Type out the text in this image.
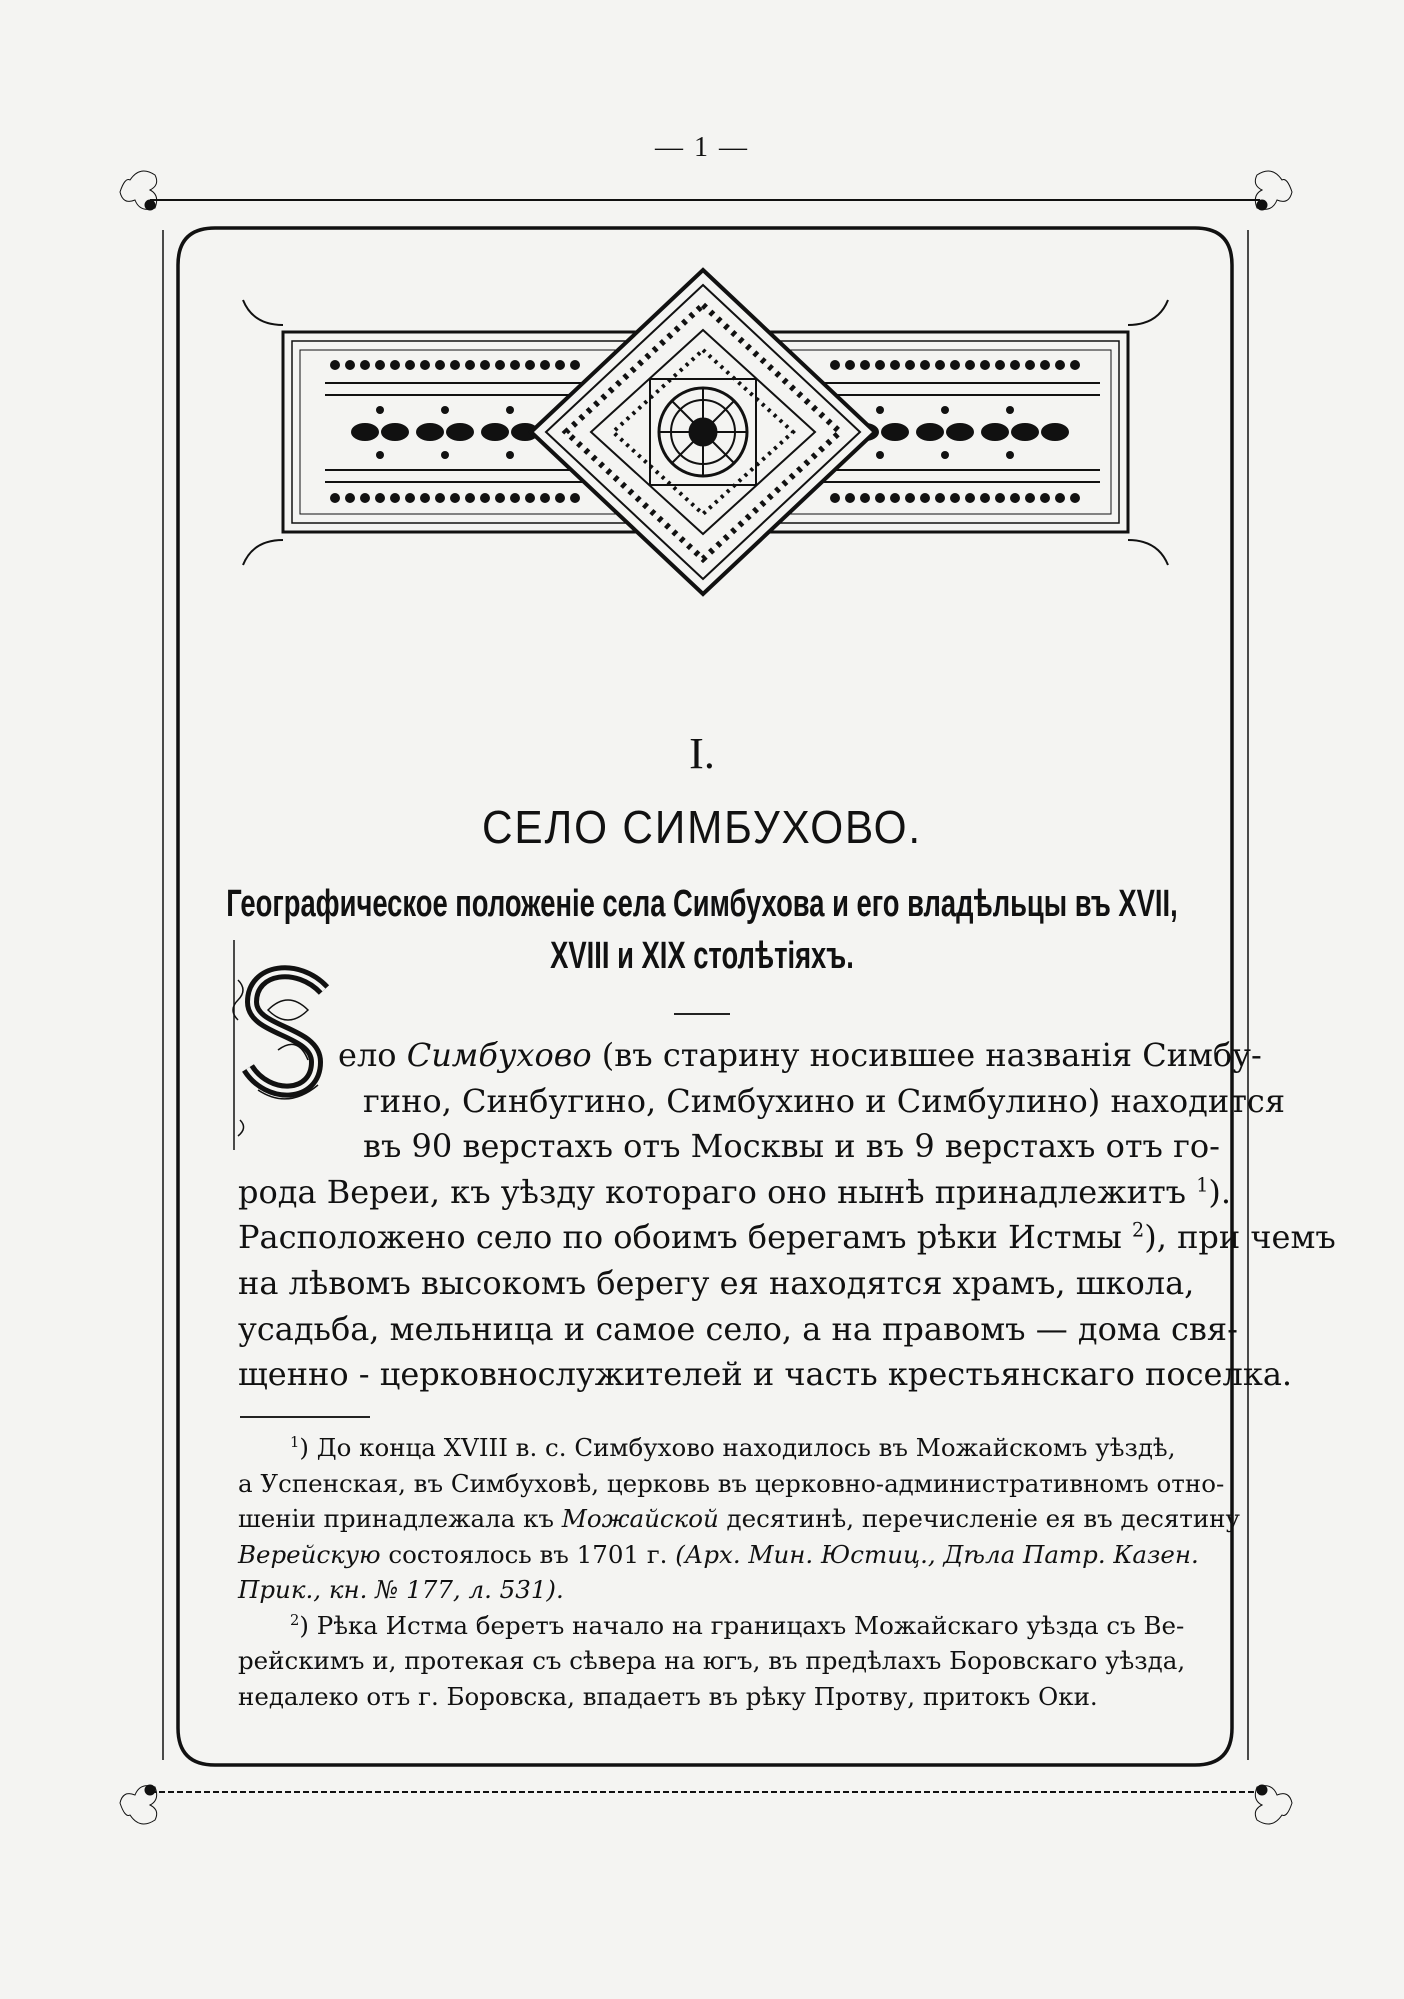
— 1 —
I.
СЕЛО СИМБУХОВО.
Географическое положенiе села Симбухова и его владѣльцы въ XVII,
XVIII и XIX столѣтiяхъ.
ело Симбухово (въ старину носившее названiя Симбу-
гино, Синбугино, Симбухино и Симбулино) находится
въ 90 верстахъ отъ Москвы и въ 9 верстахъ отъ го-
рода Вереи, къ уѣзду котораго оно нынѣ принадлежитъ $^1$).
Расположено село по обоимъ берегамъ рѣки Истмы $^2$), при чемъ
на лѣвомъ высокомъ берегу ея находятся храмъ, школа,
усадьба, мельница и самое село, а на правомъ — дома свя-
щенно - церковнослужителей и часть крестьянскаго поселка.
$^1$) До конца XVIII в. с. Симбухово находилось въ Можайскомъ уѣздѣ,
а Успенская, въ Симбуховѣ, церковь въ церковно-административномъ отно-
шенiи принадлежала къ Можайской десятинѣ, перечисленiе ея въ десятину
Верейскую состоялось въ 1701 г. (Арх. Мин. Юстиц., Дѣла Патр. Казен.
Прик., кн. № 177, л. 531).
$^2$) Рѣка Истма беретъ начало на границахъ Можайскаго уѣзда съ Ве-
рейскимъ и, протекая съ сѣвера на югъ, въ предѣлахъ Боровскаго уѣзда,
недалеко отъ г. Боровска, впадаетъ въ рѣку Протву, притокъ Оки.
